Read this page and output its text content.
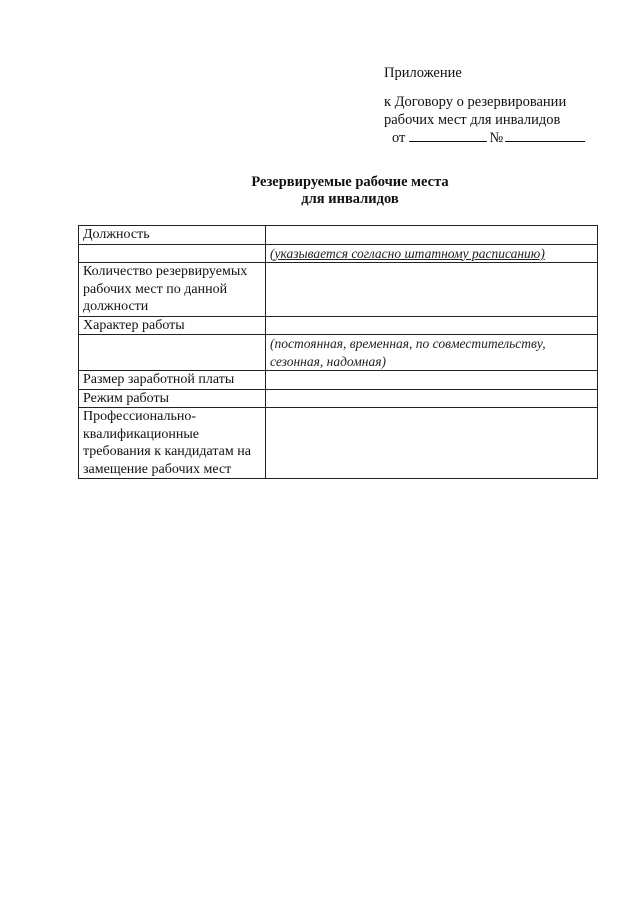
Приложение
к Договору о резервировании
рабочих мест для инвалидов
от	№
Резервируемые рабочие места
для инвалидов
Должность	
	(указывается согласно штатному расписанию)
Количество резервируемых рабочих мест по данной должности	
Характер работы	
	(постоянная, временная, по совместительству, сезонная, надомная)
Размер заработной платы	
Режим работы	
Профессионально-квалификационные требования к кандидатам на замещение рабочих мест	
